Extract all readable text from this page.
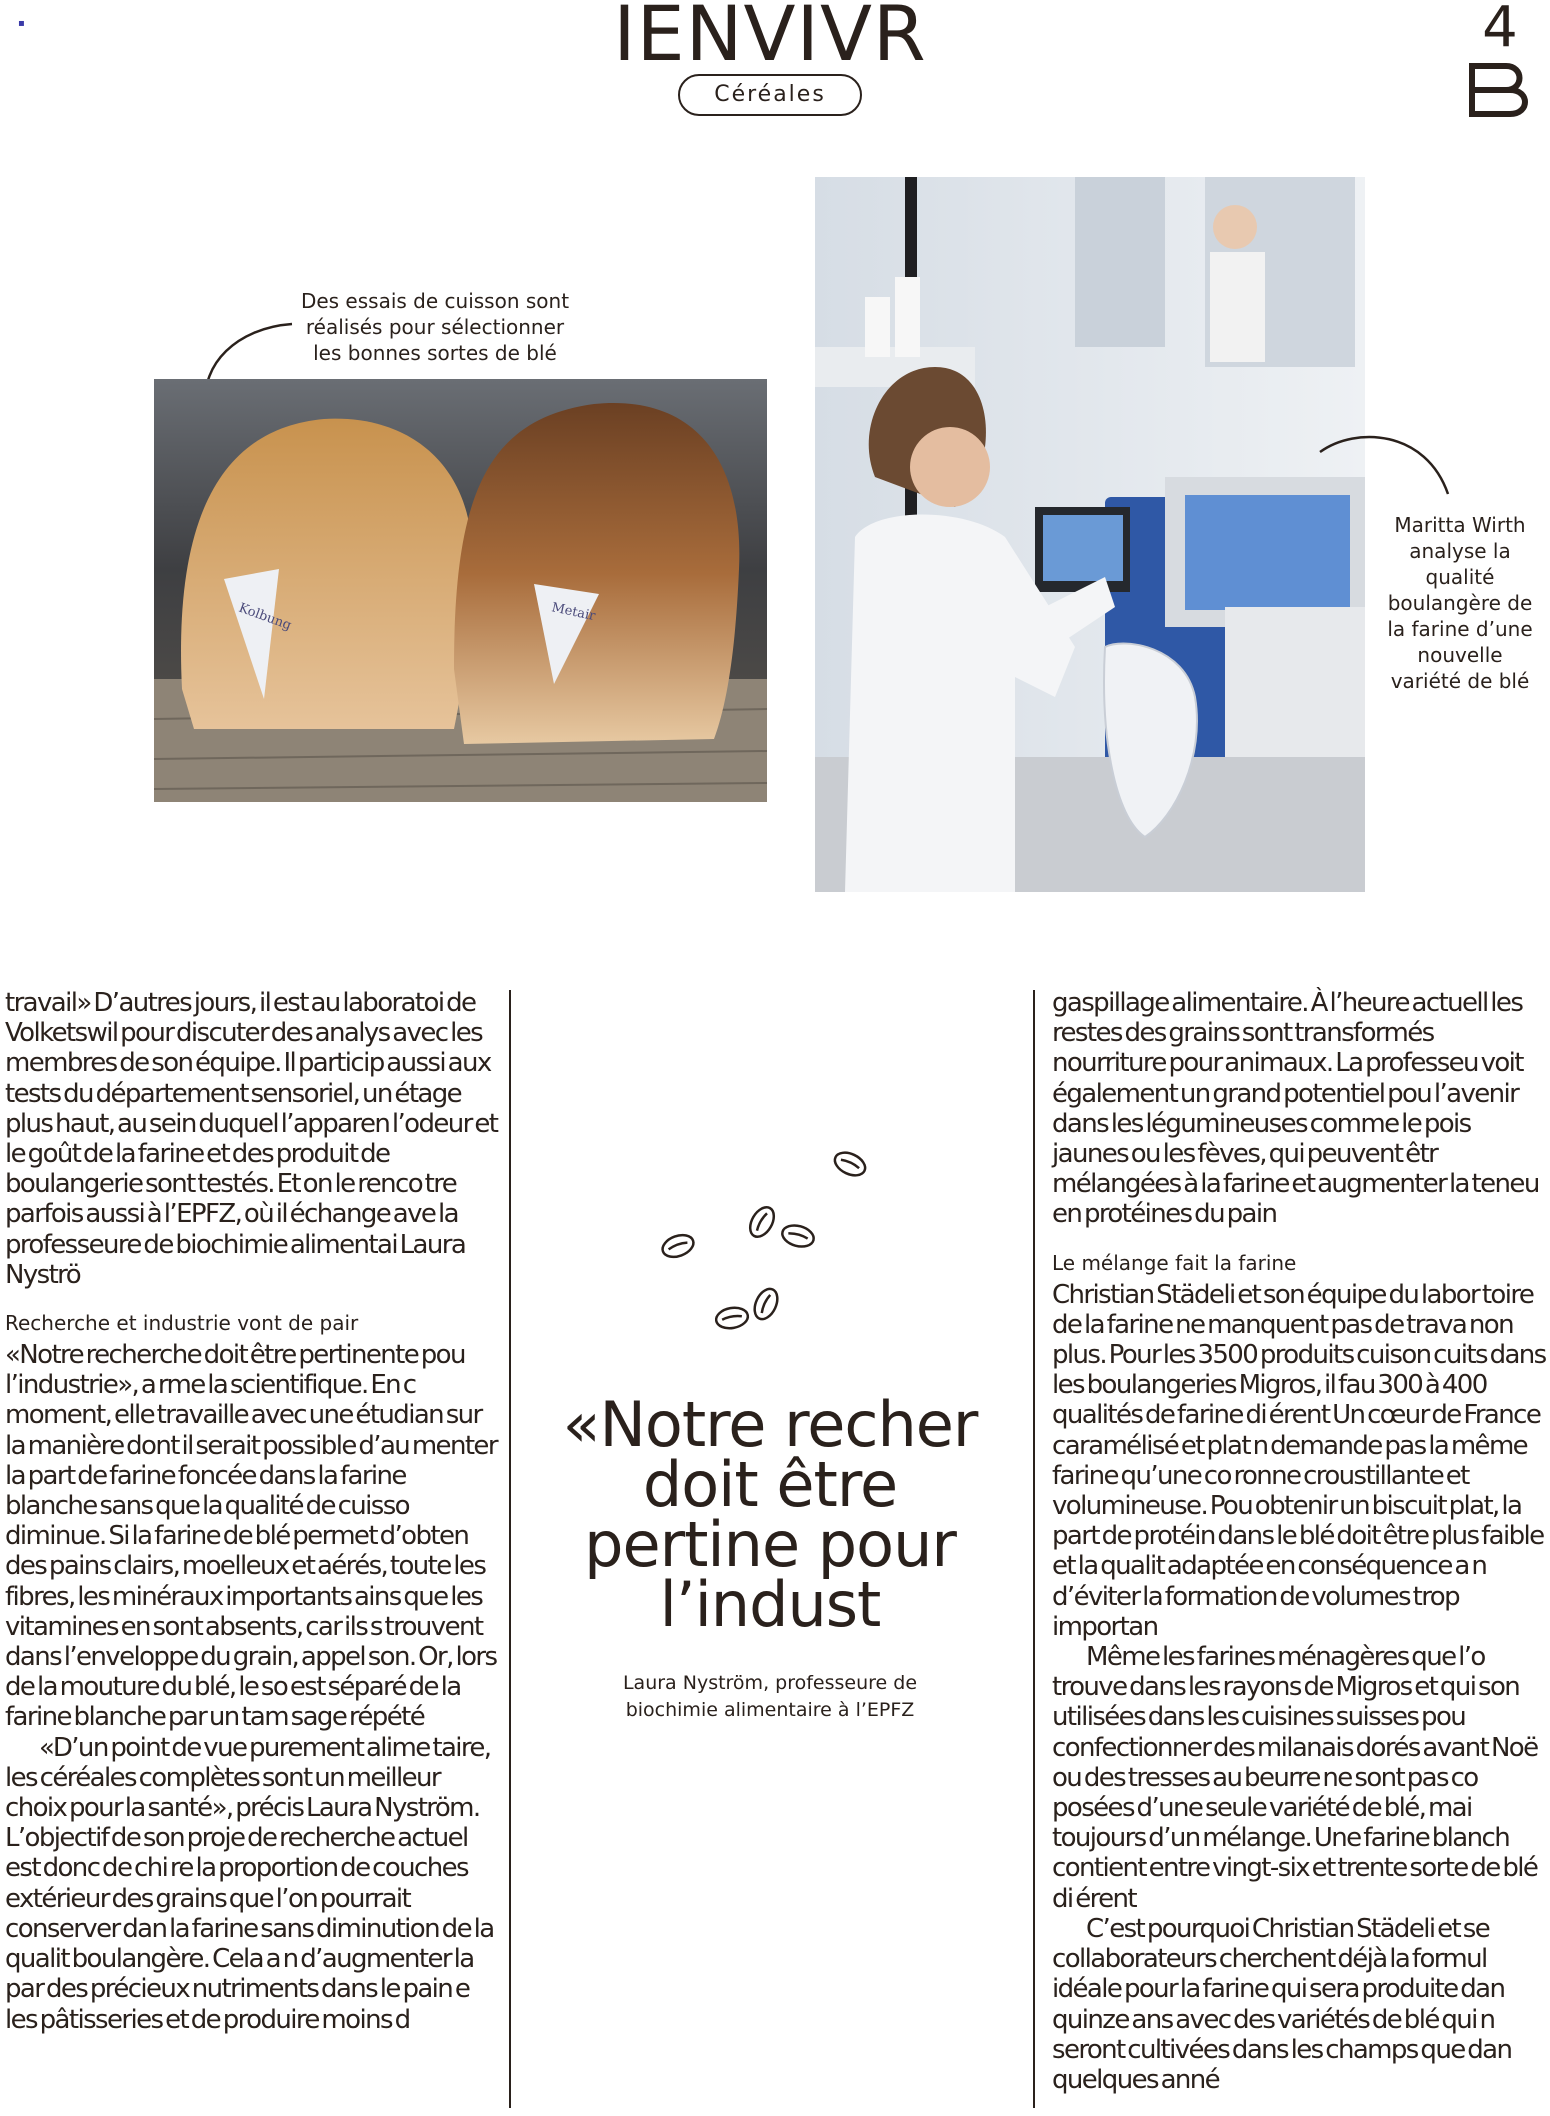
▪	IENVIVR
Céréales
4
Des essais de cuisson sont réalisés pour sélectionner les bonnes sortes de blé
Kolbung	Metair
Maritta Wirth analyse la qualité boulangère de la farine d’une nouvelle variété de blé

travail» D’autres jours, il est au laboratoi de Volketswil pour discuter des analys avec les membres de son équipe. Il particip aussi aux tests du département sensoriel, un étage plus haut, au sein duquel l’apparen l’odeur et le goût de la farine et des produit de boulangerie sont testés. Et on le renco tre parfois aussi à l’EPFZ, où il échange ave la professeure de biochimie alimentai Laura Nyströ

Recherche et industrie vont de pair

«Notre recherche doit être pertinente pou l’industrie», a rme la scientifique. En c moment, elle travaille avec une étudian sur la manière dont il serait possible d’au menter la part de farine foncée dans la farine blanche sans que la qualité de cuisso diminue. Si la farine de blé permet d’obten des pains clairs, moelleux et aérés, toute les fibres, les minéraux importants ains que les vitamines en sont absents, car ils s trouvent dans l’enveloppe du grain, appel son. Or, lors de la mouture du blé, le so est séparé de la farine blanche par un tam sage répété

«D’un point de vue purement alime taire, les céréales complètes sont un meilleur choix pour la santé», précis Laura Nyström. L’objectif de son proje de recherche actuel est donc de chi re la proportion de couches extérieur des grains que l’on pourrait conserver dan la farine sans diminution de la qualit boulangère. Cela a n d’augmenter la par des précieux nutriments dans le pain e les pâtisseries et de produire moins d

«Notre recher doit être pertine pour l’indust
Laura Nyström, professeure de biochimie alimentaire à l’EPFZ

gaspillage alimentaire. À l’heure actuell les restes des grains sont transformés nourriture pour animaux. La professeu voit également un grand potentiel pou l’avenir dans les légumineuses comme le pois jaunes ou les fèves, qui peuvent êtr mélangées à la farine et augmenter la teneu en protéines du pain

Le mélange fait la farine

Christian Städeli et son équipe du labor toire de la farine ne manquent pas de trava non plus. Pour les 3500 produits cuison cuits dans les boulangeries Migros, il fau 300 à 400 qualités de farine di érent Un cœur de France caramélisé et plat n demande pas la même farine qu’une co ronne croustillante et volumineuse. Pou obtenir un biscuit plat, la part de protéin dans le blé doit être plus faible et la qualit adaptée en conséquence a n d’éviter la formation de volumes trop importan

Même les farines ménagères que l’o trouve dans les rayons de Migros et qui son utilisées dans les cuisines suisses pou confectionner des milanais dorés avant Noë ou des tresses au beurre ne sont pas co posées d’une seule variété de blé, mai toujours d’un mélange. Une farine blanch contient entre vingt-six et trente sorte de blé di érent

C’est pourquoi Christian Städeli et se collaborateurs cherchent déjà la formul idéale pour la farine qui sera produite dan quinze ans avec des variétés de blé qui n seront cultivées dans les champs que dan quelques anné
